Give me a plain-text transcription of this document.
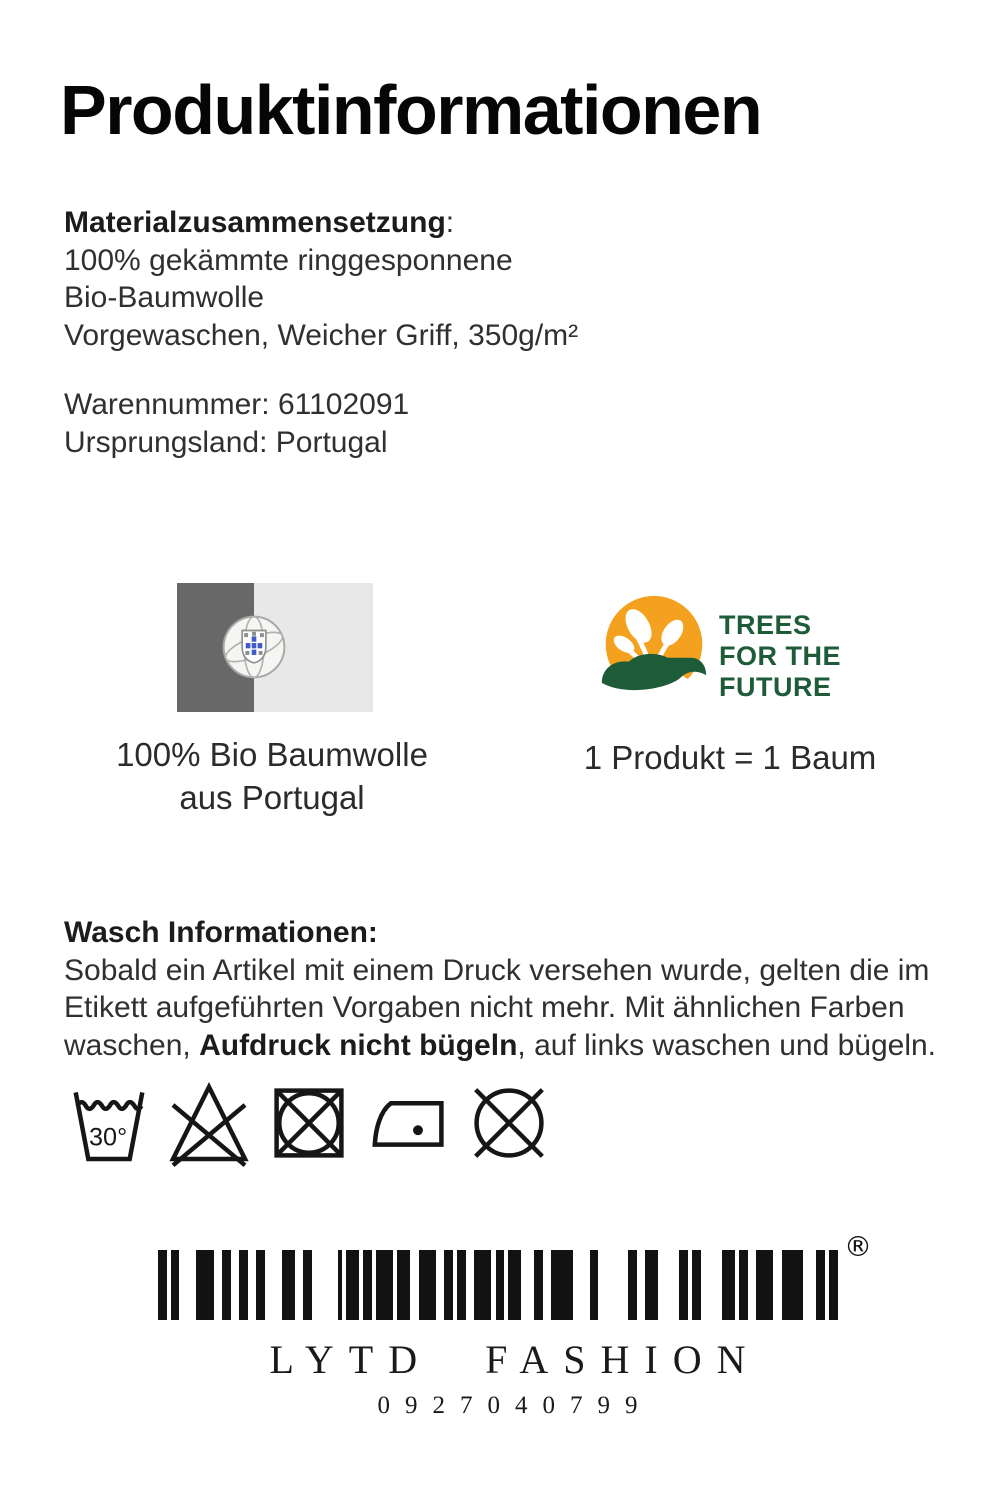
Produktinformationen
Materialzusammensetzung:
100% gekämmte ringgesponnene
Bio-Baumwolle
Vorgewaschen, Weicher Griff, 350g/m²
Warennummer: 61102091
Ursprungsland: Portugal
100% Bio Baumwolle
aus Portugal
TREES
FOR THE
FUTURE
1 Produkt = 1 Baum
Wasch Informationen:
Sobald ein Artikel mit einem Druck versehen wurde, gelten die im
Etikett aufgeführten Vorgaben nicht mehr. Mit ähnlichen Farben
waschen, Aufdruck nicht bügeln, auf links waschen und bügeln.
30°
®
LYTD FASHION
0927040799
